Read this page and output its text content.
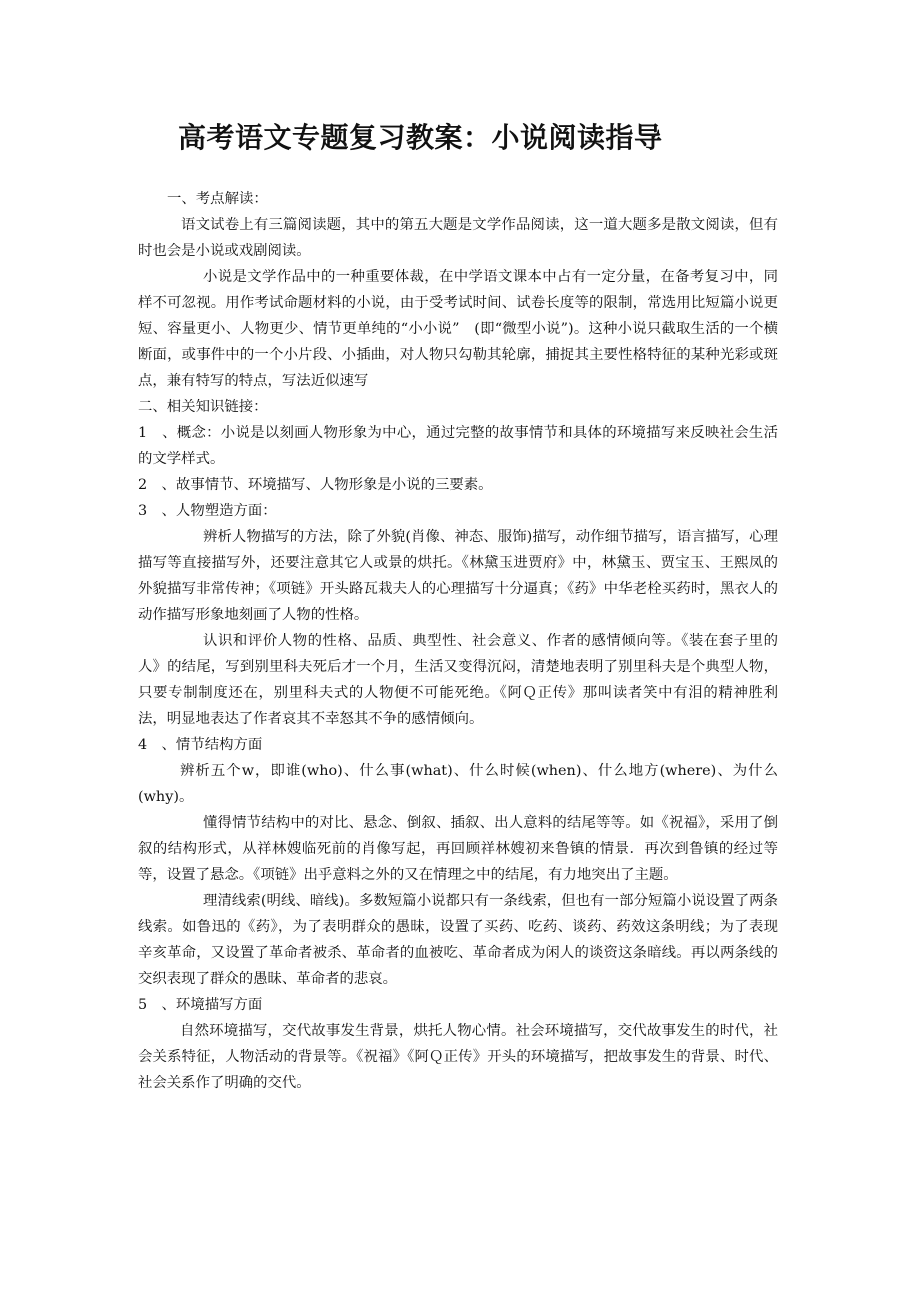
高考语文专题复习教案：小说阅读指导

一、考点解读：

语文试卷上有三篇阅读题，其中的第五大题是文学作品阅读，这一道大题多是散文阅读，但有时也会是小说或戏剧阅读。

小说是文学作品中的一种重要体裁，在中学语文课本中占有一定分量，在备考复习中，同样不可忽视。用作考试命题材料的小说，由于受考试时间、试卷长度等的限制，常选用比短篇小说更短、容量更小、人物更少、情节更单纯的“小小说”　(即“微型小说”)。这种小说只截取生活的一个横断面，或事件中的一个小片段、小插曲，对人物只勾勒其轮廓，捕捉其主要性格特征的某种光彩或斑点，兼有特写的特点，写法近似速写

二、相关知识链接：

1　、概念：小说是以刻画人物形象为中心，通过完整的故事情节和具体的环境描写来反映社会生活的文学样式。

2　、故事情节、环境描写、人物形象是小说的三要素。

3　、人物塑造方面：

辨析人物描写的方法，除了外貌(肖像、神态、服饰)描写，动作细节描写，语言描写，心理描写等直接描写外，还要注意其它人或景的烘托。《林黛玉进贾府》中，林黛玉、贾宝玉、王熙凤的外貌描写非常传神；《项链》开头路瓦栽夫人的心理描写十分逼真；《药》中华老栓买药时，黑衣人的动作描写形象地刻画了人物的性格。

认识和评价人物的性格、品质、典型性、社会意义、作者的感情倾向等。《装在套子里的人》的结尾，写到别里科夫死后才一个月，生活又变得沉闷，清楚地表明了别里科夫是个典型人物，只要专制制度还在，别里科夫式的人物便不可能死绝。《阿Ｑ正传》那叫读者笑中有泪的精神胜利法，明显地表达了作者哀其不幸怒其不争的感情倾向。

4　、情节结构方面

辨析五个w，即谁(who)、什么事(what)、什么时候(when)、什么地方(where)、为什么(why)。

懂得情节结构中的对比、悬念、倒叙、插叙、出人意料的结尾等等。如《祝福》，采用了倒叙的结构形式，从祥林嫂临死前的肖像写起，再回顾祥林嫂初来鲁镇的情景．再次到鲁镇的经过等等，设置了悬念。《项链》出乎意料之外的又在情理之中的结尾，有力地突出了主题。

理清线索(明线、暗线)。多数短篇小说都只有一条线索，但也有一部分短篇小说设置了两条线索。如鲁迅的《药》，为了表明群众的愚昧，设置了买药、吃药、谈药、药效这条明线；为了表现辛亥革命，又设置了革命者被杀、革命者的血被吃、革命者成为闲人的谈资这条暗线。再以两条线的交织表现了群众的愚昧、革命者的悲哀。

5　、环境描写方面

自然环境描写，交代故事发生背景，烘托人物心情。社会环境描写，交代故事发生的时代，社会关系特征，人物活动的背景等。《祝福》《阿Ｑ正传》开头的环境描写，把故事发生的背景、时代、社会关系作了明确的交代。
